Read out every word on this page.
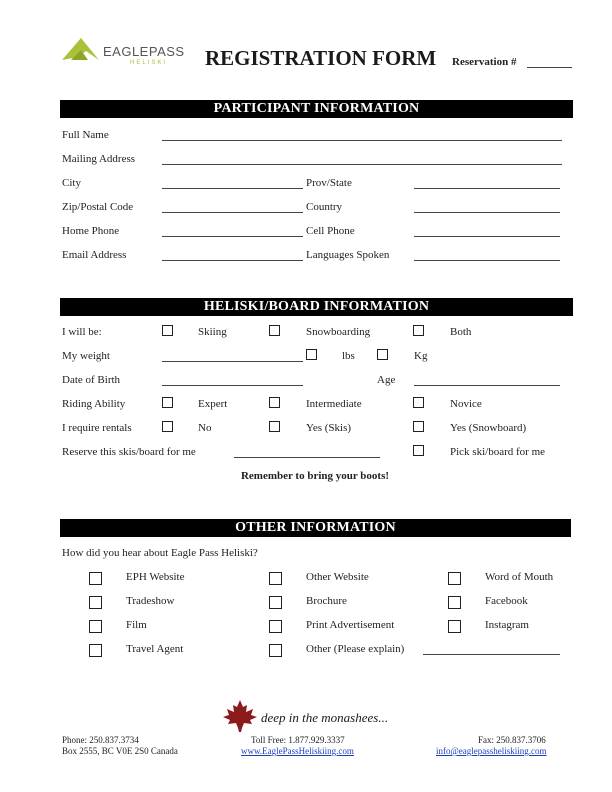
EAGLEPASS
HELISKI REGISTRATION FORM Reservation #
PARTICIPANT INFORMATION
Full Name
Mailing Address
City	Prov/State
Zip/Postal Code	Country
Home Phone	Cell Phone
Email Address	Languages Spoken
HELISKI/BOARD INFORMATION
I will be:	Skiing	Snowboarding	Both
My weight	lbs	Kg
Date of Birth	Age
Riding Ability	Expert	Intermediate	Novice
I require rentals	No	Yes (Skis)	Yes (Snowboard)
Reserve this skis/board for me	Pick ski/board for me
Remember to bring your boots!
OTHER INFORMATION
How did you hear about Eagle Pass Heliski?
EPH Website	Other Website	Word of Mouth
Tradeshow	Brochure	Facebook
Film	Print Advertisement	Instagram
Travel Agent	Other (Please explain)
deep in the monashees...
Phone: 250.837.3734
Box 2555, BC V0E 2S0 Canada
Toll Free: 1.877.929.3337
www.EaglePassHeliskiing.com
Fax: 250.837.3706
info@eaglepassheliskiing.com
